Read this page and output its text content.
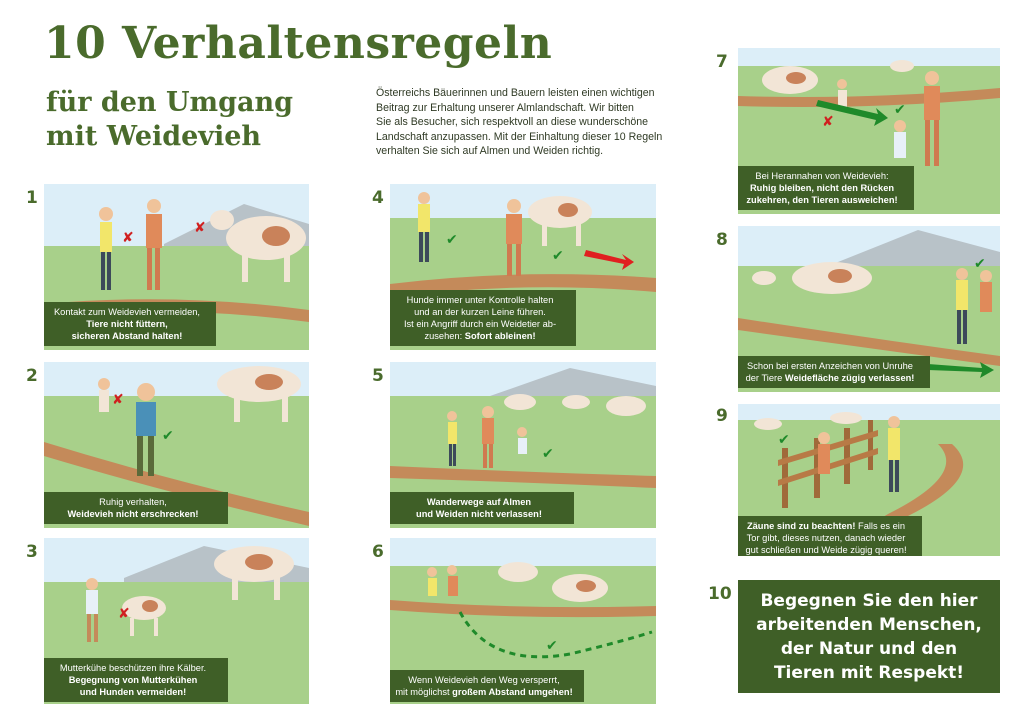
10 Verhaltensregeln
für den Umgang
mit Weidevieh

Österreichs Bäuerinnen und Bauern leisten einen wichtigen
Beitrag zur Erhaltung unserer Almlandschaft. Wir bitten
Sie als Besucher, sich respektvoll an diese wunderschöne
Landschaft anzupassen. Mit der Einhaltung dieser 10 Regeln
verhalten Sie sich auf Almen und Weiden richtig.

1
2
3
4
5
6
7
8
9
10
✘
✘
Kontakt zum Weidevieh vermeiden,
Tiere nicht füttern,
sicheren Abstand halten!
✘
✔
Ruhig verhalten,
Weidevieh nicht erschrecken!
✘
Mutterkühe beschützen ihre Kälber.
Begegnung von Mutterkühen
und Hunden vermeiden!
✔
✔
Hunde immer unter Kontrolle halten
und an der kurzen Leine führen.
Ist ein Angriff durch ein Weidetier ab-
zusehen: Sofort ableinen!
✔
Wanderwege auf Almen
und Weiden nicht verlassen!
✔
Wenn Weidevieh den Weg versperrt,
mit möglichst großem Abstand umgehen!
✘
✔
Bei Herannahen von Weidevieh:
Ruhig bleiben, nicht den Rücken
zukehren, den Tieren ausweichen!
✔
Schon bei ersten Anzeichen von Unruhe
der Tiere Weidefläche zügig verlassen!
✔
Zäune sind zu beachten! Falls es ein
Tor gibt, dieses nutzen, danach wieder
gut schließen und Weide zügig queren!
Begegnen Sie den hier
arbeitenden Menschen,
der Natur und den
Tieren mit Respekt!
